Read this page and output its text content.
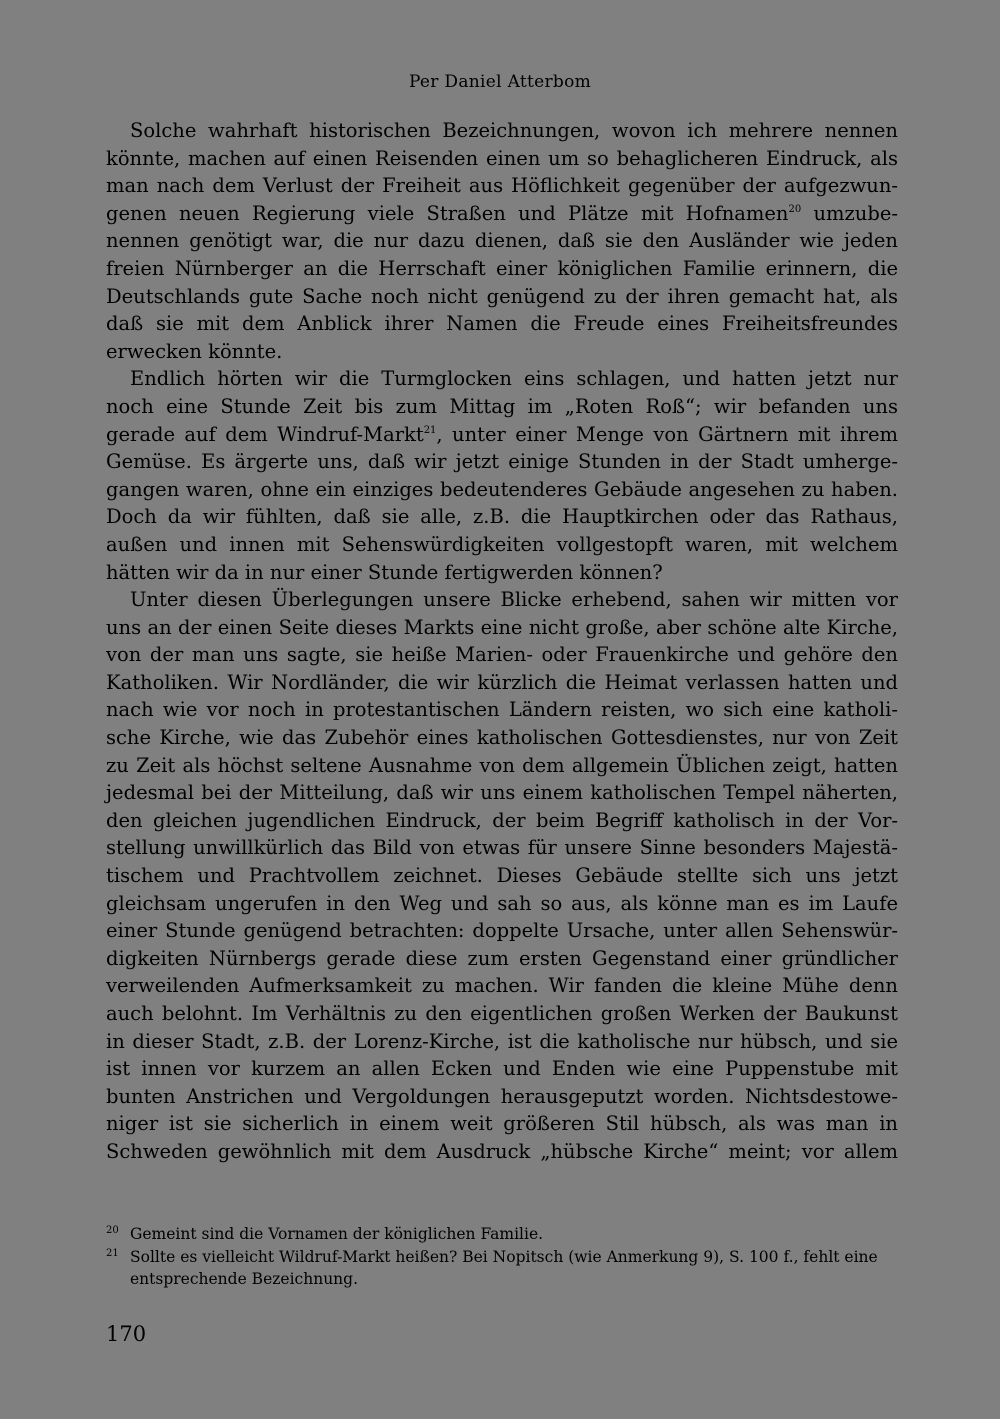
Per Daniel Atterbom
Solche wahrhaft historischen Bezeichnungen, wovon ich mehrere nennen
könnte, machen auf einen Reisenden einen um so behaglicheren Eindruck, als
man nach dem Verlust der Freiheit aus Höflichkeit gegenüber der aufgezwun-
genen neuen Regierung viele Straßen und Plätze mit Hofnamen$^{20}$ umzube-
nennen genötigt war, die nur dazu dienen, daß sie den Ausländer wie jeden
freien Nürnberger an die Herrschaft einer königlichen Familie erinnern, die
Deutschlands gute Sache noch nicht genügend zu der ihren gemacht hat, als
daß sie mit dem Anblick ihrer Namen die Freude eines Freiheitsfreundes
erwecken könnte.
Endlich hörten wir die Turmglocken eins schlagen, und hatten jetzt nur
noch eine Stunde Zeit bis zum Mittag im „Roten Roß“; wir befanden uns
gerade auf dem Windruf-Markt$^{21}$, unter einer Menge von Gärtnern mit ihrem
Gemüse. Es ärgerte uns, daß wir jetzt einige Stunden in der Stadt umherge-
gangen waren, ohne ein einziges bedeutenderes Gebäude angesehen zu haben.
Doch da wir fühlten, daß sie alle, z.B. die Hauptkirchen oder das Rathaus,
außen und innen mit Sehenswürdigkeiten vollgestopft waren, mit welchem
hätten wir da in nur einer Stunde fertigwerden können?
Unter diesen Überlegungen unsere Blicke erhebend, sahen wir mitten vor
uns an der einen Seite dieses Markts eine nicht große, aber schöne alte Kirche,
von der man uns sagte, sie heiße Marien- oder Frauenkirche und gehöre den
Katholiken. Wir Nordländer, die wir kürzlich die Heimat verlassen hatten und
nach wie vor noch in protestantischen Ländern reisten, wo sich eine katholi-
sche Kirche, wie das Zubehör eines katholischen Gottesdienstes, nur von Zeit
zu Zeit als höchst seltene Ausnahme von dem allgemein Üblichen zeigt, hatten
jedesmal bei der Mitteilung, daß wir uns einem katholischen Tempel näherten,
den gleichen jugendlichen Eindruck, der beim Begriff katholisch in der Vor-
stellung unwillkürlich das Bild von etwas für unsere Sinne besonders Majestä-
tischem und Prachtvollem zeichnet. Dieses Gebäude stellte sich uns jetzt
gleichsam ungerufen in den Weg und sah so aus, als könne man es im Laufe
einer Stunde genügend betrachten: doppelte Ursache, unter allen Sehenswür-
digkeiten Nürnbergs gerade diese zum ersten Gegenstand einer gründlicher
verweilenden Aufmerksamkeit zu machen. Wir fanden die kleine Mühe denn
auch belohnt. Im Verhältnis zu den eigentlichen großen Werken der Baukunst
in dieser Stadt, z.B. der Lorenz-Kirche, ist die katholische nur hübsch, und sie
ist innen vor kurzem an allen Ecken und Enden wie eine Puppenstube mit
bunten Anstrichen und Vergoldungen herausgeputzt worden. Nichtsdestowe-
niger ist sie sicherlich in einem weit größeren Stil hübsch, als was man in
Schweden gewöhnlich mit dem Ausdruck „hübsche Kirche“ meint; vor allem
20 Gemeint sind die Vornamen der königlichen Familie.
21 Sollte es vielleicht Wildruf-Markt heißen? Bei Nopitsch (wie Anmerkung 9), S. 100 f., fehlt eine
entsprechende Bezeichnung.
170
